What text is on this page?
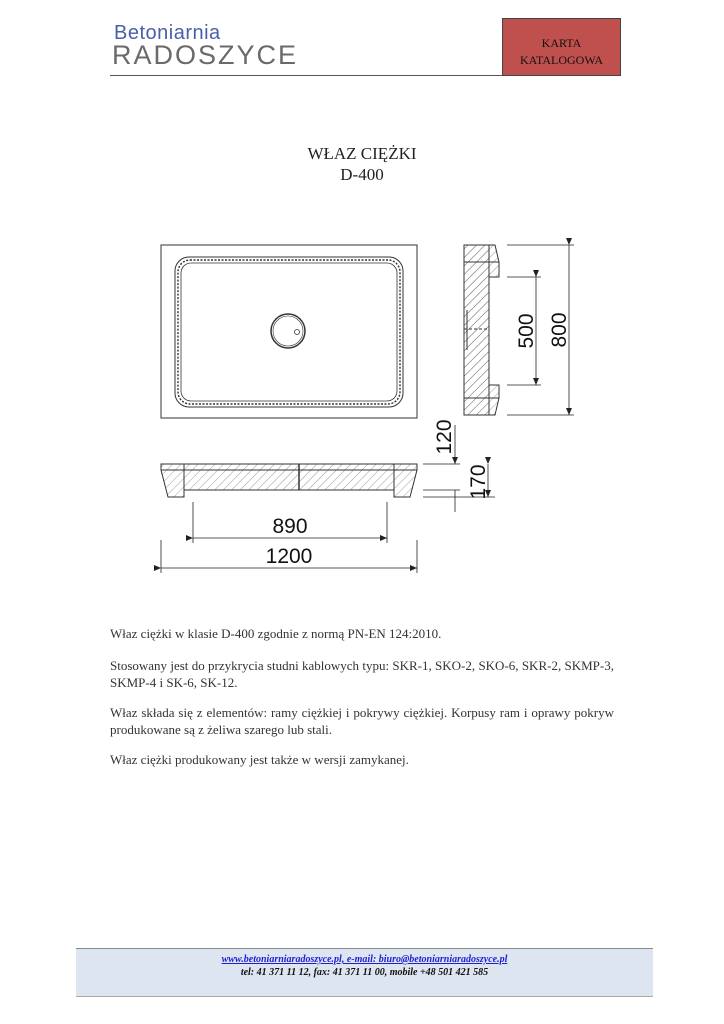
Betoniarnia
RADOSZYCE	KARTA
KATALOGOWA
WŁAZ CIĘŻKI
D-400
500 800
120
170
890
1200

Właz ciężki w klasie D-400 zgodnie z normą PN-EN 124:2010.

Stosowany jest do przykrycia studni kablowych typu: SKR-1, SKO-2, SKO-6, SKR-2, SKMP-3, SKMP-4 i SK-6, SK-12.

Właz składa się z elementów: ramy ciężkiej i pokrywy ciężkiej. Korpusy ram i oprawy pokryw produkowane są z żeliwa szarego lub stali.

Właz ciężki produkowany jest także w wersji zamykanej.

www.betoniarniaradoszyce.pl, e-mail: biuro@betoniarniaradoszyce.pl
tel: 41 371 11 12, fax: 41 371 11 00, mobile +48 501 421 585
